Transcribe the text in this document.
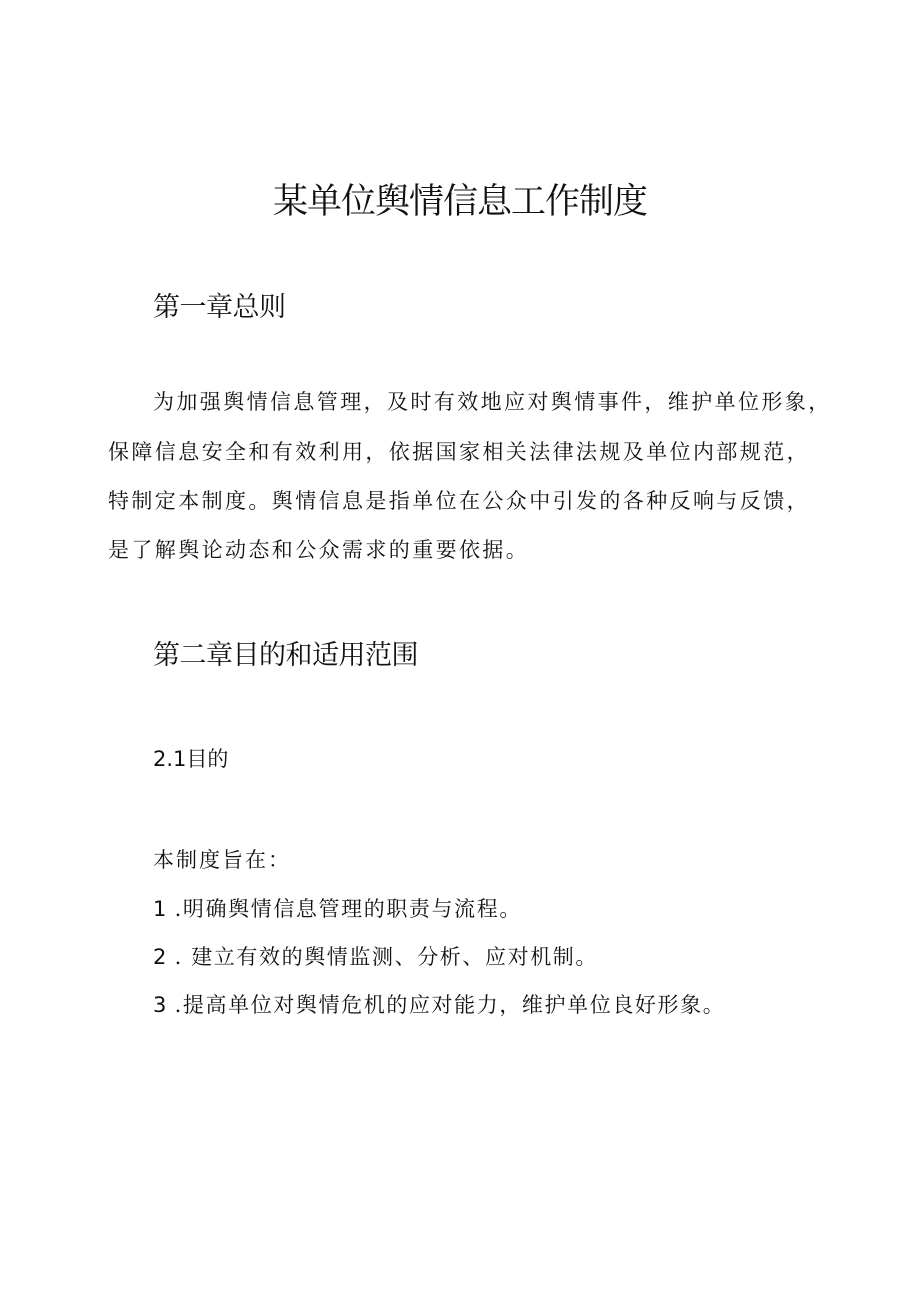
某单位舆情信息工作制度
第一章总则
为加强舆情信息管理，及时有效地应对舆情事件，维护单位形象，
保障信息安全和有效利用，依据国家相关法律法规及单位内部规范，
特制定本制度。舆情信息是指单位在公众中引发的各种反响与反馈，
是了解舆论动态和公众需求的重要依据。
第二章目的和适用范围
2.1目的

本制度旨在：

1 .明确舆情信息管理的职责与流程。
2 . 建立有效的舆情监测、分析、应对机制。
3 .提高单位对舆情危机的应对能力，维护单位良好形象。
